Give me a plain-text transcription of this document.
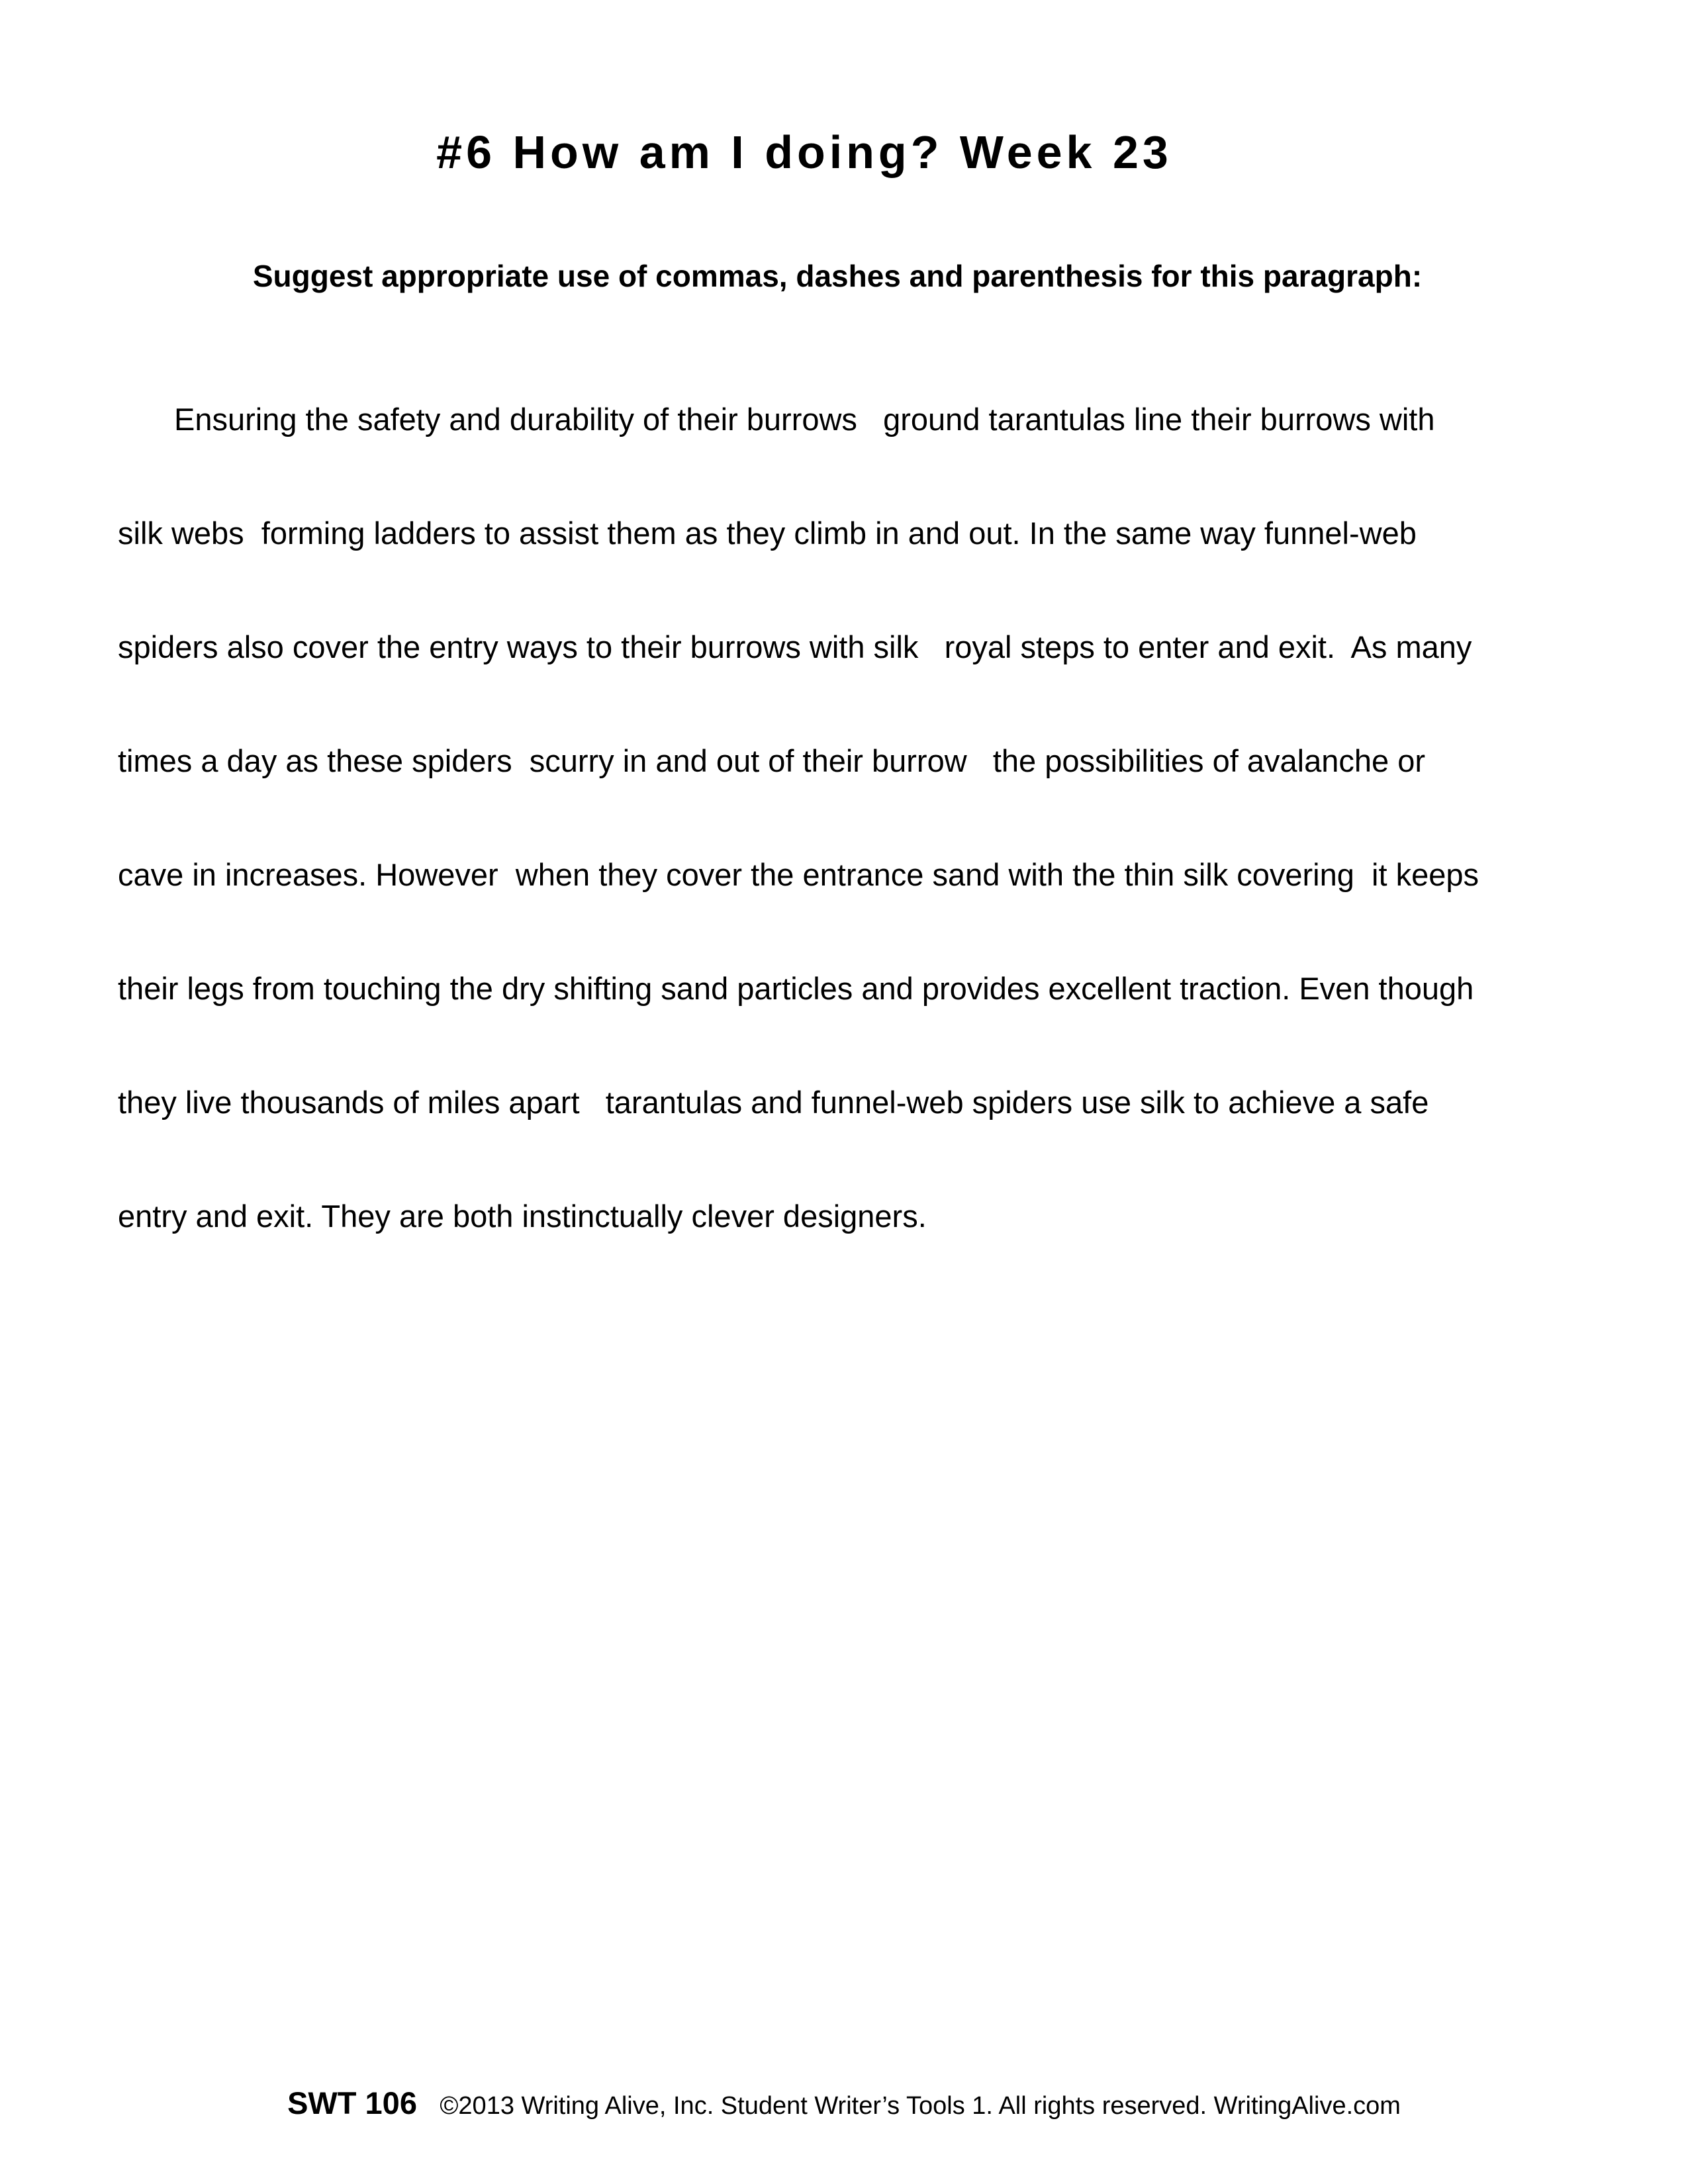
#6 How am I doing? Week 23
Suggest appropriate use of commas, dashes and parenthesis for this paragraph:
Ensuring the safety and durability of their burrows   ground tarantulas line their burrows with
silk webs  forming ladders to assist them as they climb in and out. In the same way funnel-web
spiders also cover the entry ways to their burrows with silk   royal steps to enter and exit.  As many
times a day as these spiders  scurry in and out of their burrow   the possibilities of avalanche or
cave in increases. However  when they cover the entrance sand with the thin silk covering  it keeps
their legs from touching the dry shifting sand particles and provides excellent traction. Even though
they live thousands of miles apart   tarantulas and funnel-web spiders use silk to achieve a safe
entry and exit. They are both instinctually clever designers.
SWT 106 ©2013 Writing Alive, Inc. Student Writer’s Tools 1. All rights reserved. WritingAlive.com
